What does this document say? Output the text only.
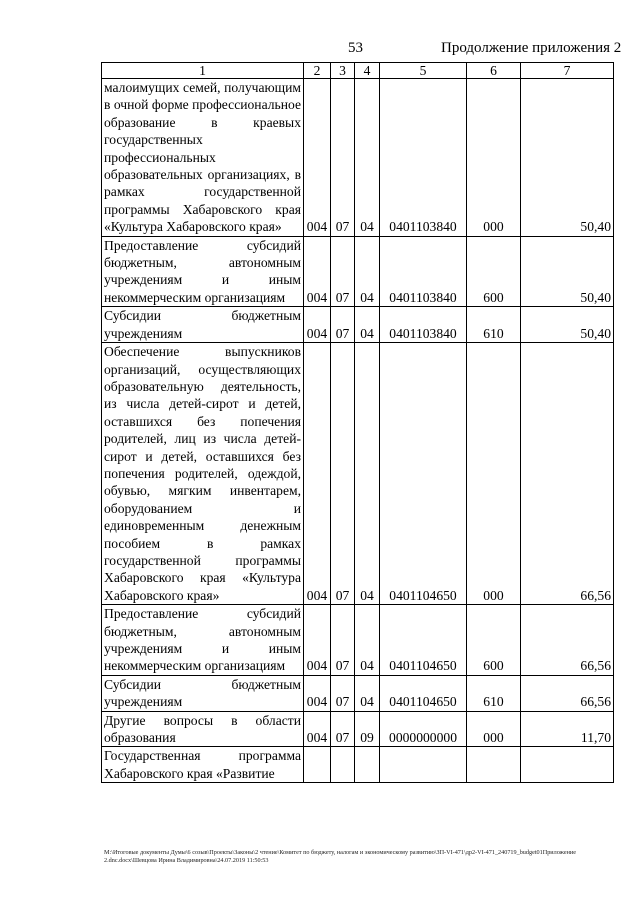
53	Продолжение приложения 2
1	2	3	4	5	6	7
малоимущих семей, получающим в очной форме профессиональное образование в краевых государственных профессиональных образовательных организациях, в рамках государственной программы Хабаровского края «Культура Хабаровского края»	004	07	04	0401103840	000	50,40
Предоставление субсидий бюджетным, автономным учреждениям и иным некоммерческим организациям	004	07	04	0401103840	600	50,40
Субсидии бюджетным учреждениям	004	07	04	0401103840	610	50,40
Обеспечение выпускников организаций, осуществляющих образовательную деятельность, из числа детей-сирот и детей, оставшихся без попечения родителей, лиц из числа детей-сирот и детей, оставшихся без попечения родителей, одеждой, обувью, мягким инвентарем, оборудованием и единовременным денежным пособием в рамках государственной программы Хабаровского края «Культура Хабаровского края»	004	07	04	0401104650	000	66,56
Предоставление субсидий бюджетным, автономным учреждениям и иным некоммерческим организациям	004	07	04	0401104650	600	66,56
Субсидии бюджетным учреждениям	004	07	04	0401104650	610	66,56
Другие вопросы в области образования	004	07	09	0000000000	000	11,70
Государственная программа Хабаровского края «Развитие						
М:\Итоговые документы Думы\6 созыв\Проекты\Законы\2 чтение\Комитет по бюджету, налогам и экономическому развитию\ЗП-VI-471\др2-VI-471_240719_budget01Приложение 2.dnc.docx\Шевцова Ирина Владимировна\24.07.2019 11:50:53
